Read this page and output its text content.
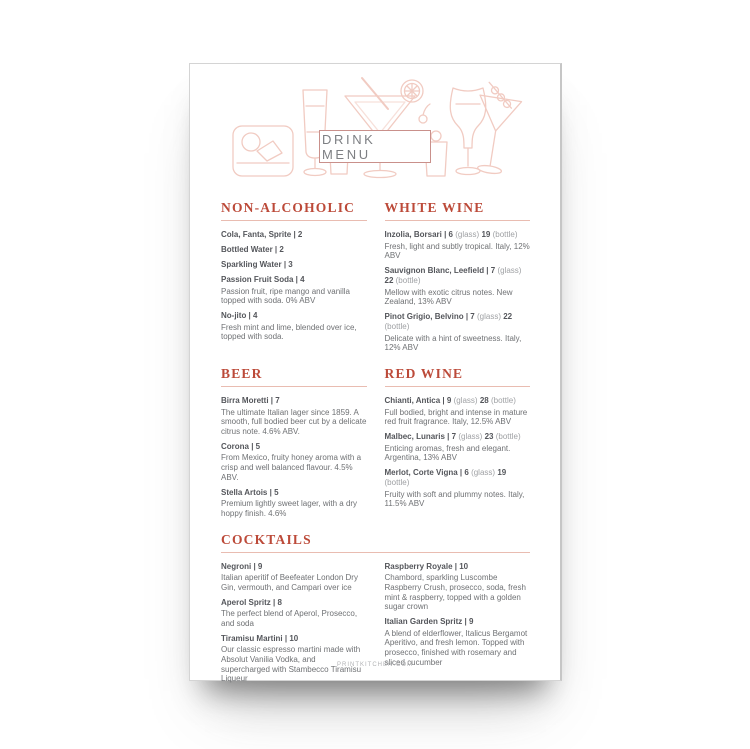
DRINK MENU
NON-ALCOHOLIC
Cola, Fanta, Sprite | 2
Bottled Water | 2
Sparkling Water | 3
Passion Fruit Soda | 4
Passion fruit, ripe mango and vanilla topped with soda. 0% ABV
No-jito | 4
Fresh mint and lime, blended over ice, topped with soda.
WHITE WINE
Inzolia, Borsari | 6 (glass) 19 (bottle)
Fresh, light and subtly tropical. Italy, 12% ABV
Sauvignon Blanc, Leefield | 7 (glass) 22 (bottle)
Mellow with exotic citrus notes. New Zealand, 13% ABV
Pinot Grigio, Belvino | 7 (glass) 22 (bottle)
Delicate with a hint of sweetness. Italy, 12% ABV
BEER
Birra Moretti | 7
The ultimate Italian lager since 1859. A smooth, full bodied beer cut by a delicate citrus note. 4.6% ABV.
Corona | 5
From Mexico, fruity honey aroma with a crisp and well balanced flavour. 4.5% ABV.
Stella Artois | 5
Premium lightly sweet lager, with a dry hoppy finish. 4.6%
RED WINE
Chianti, Antica | 9 (glass) 28 (bottle)
Full bodied, bright and intense in mature red fruit fragrance. Italy, 12.5% ABV
Malbec, Lunaris | 7 (glass) 23 (bottle)
Enticing aromas, fresh and elegant. Argentina, 13% ABV
Merlot, Corte Vigna | 6 (glass) 19 (bottle)
Fruity with soft and plummy notes. Italy, 11.5% ABV
COCKTAILS
Negroni | 9
Italian aperitif of Beefeater London Dry Gin, vermouth, and Campari over ice
Aperol Spritz | 8
The perfect blend of Aperol, Prosecco, and soda
Tiramisu Martini | 10
Our classic espresso martini made with Absolut Vanilia Vodka, and supercharged with Stambecco Tiramisu Liqueur
Raspberry Royale | 10
Chambord, sparkling Luscombe Raspberry Crush, prosecco, soda, fresh mint & raspberry, topped with a golden sugar crown
Italian Garden Spritz | 9
A blend of elderflower, Italicus Bergamot Aperitivo, and fresh lemon. Topped with prosecco, finished with rosemary and sliced cucumber
PRINTKITCHEN.COM
